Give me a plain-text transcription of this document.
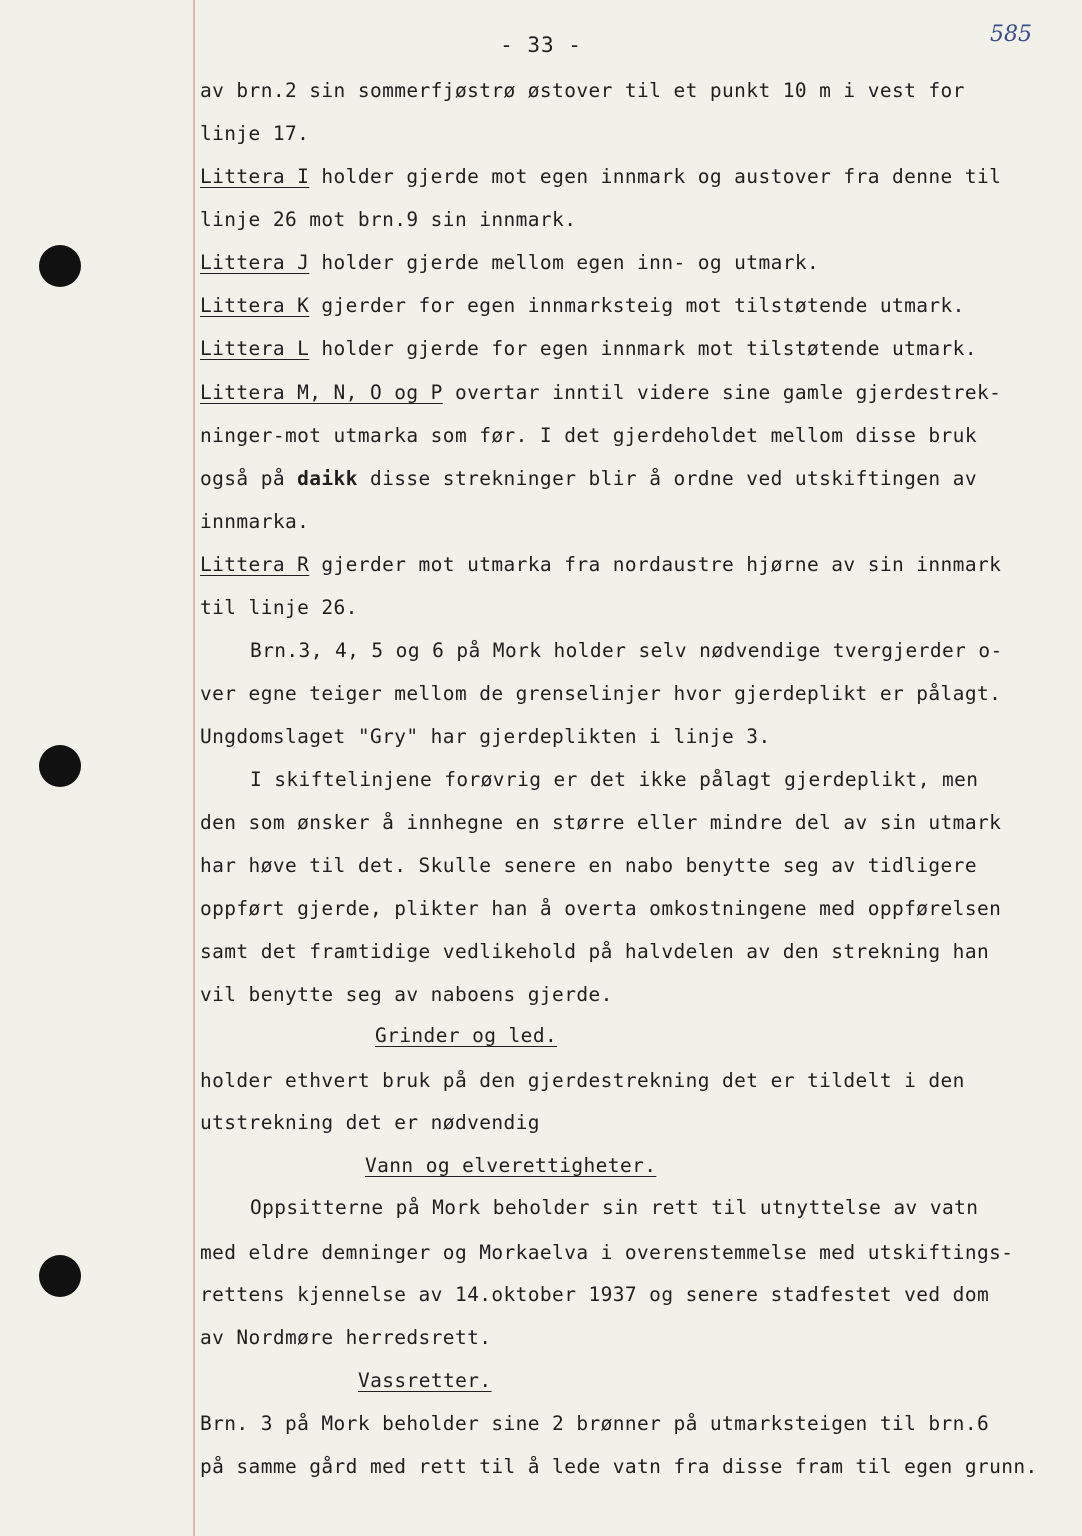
- 33 -	585
av brn.2 sin sommerfjøstrø østover til et punkt 10 m i vest for
linje 17.
Littera I holder gjerde mot egen innmark og austover fra denne til
linje 26 mot brn.9 sin innmark.
Littera J holder gjerde mellom egen inn- og utmark.
Littera K gjerder for egen innmarksteig mot tilstøtende utmark.
Littera L holder gjerde for egen innmark mot tilstøtende utmark.
Littera M, N, O og P overtar inntil videre sine gamle gjerdestrek-
ninger-mot utmarka som før. I det gjerdeholdet mellom disse bruk
også på daikk disse strekninger blir å ordne ved utskiftingen av
innmarka.
Littera R gjerder mot utmarka fra nordaustre hjørne av sin innmark
til linje 26.
Brn.3, 4, 5 og 6 på Mork holder selv nødvendige tvergjerder o-
ver egne teiger mellom de grenselinjer hvor gjerdeplikt er pålagt.
Ungdomslaget "Gry" har gjerdeplikten i linje 3.
I skiftelinjene forøvrig er det ikke pålagt gjerdeplikt, men
den som ønsker å innhegne en større eller mindre del av sin utmark
har høve til det. Skulle senere en nabo benytte seg av tidligere
oppført gjerde, plikter han å overta omkostningene med oppførelsen
samt det framtidige vedlikehold på halvdelen av den strekning han
vil benytte seg av naboens gjerde.
Grinder og led.
holder ethvert bruk på den gjerdestrekning det er tildelt i den
utstrekning det er nødvendig
Vann og elverettigheter.
Oppsitterne på Mork beholder sin rett til utnyttelse av vatn
med eldre demninger og Morkaelva i overenstemmelse med utskiftings-
rettens kjennelse av 14.oktober 1937 og senere stadfestet ved dom
av Nordmøre herredsrett.
Vassretter.
Brn. 3 på Mork beholder sine 2 brønner på utmarksteigen til brn.6
på samme gård med rett til å lede vatn fra disse fram til egen grunn.
